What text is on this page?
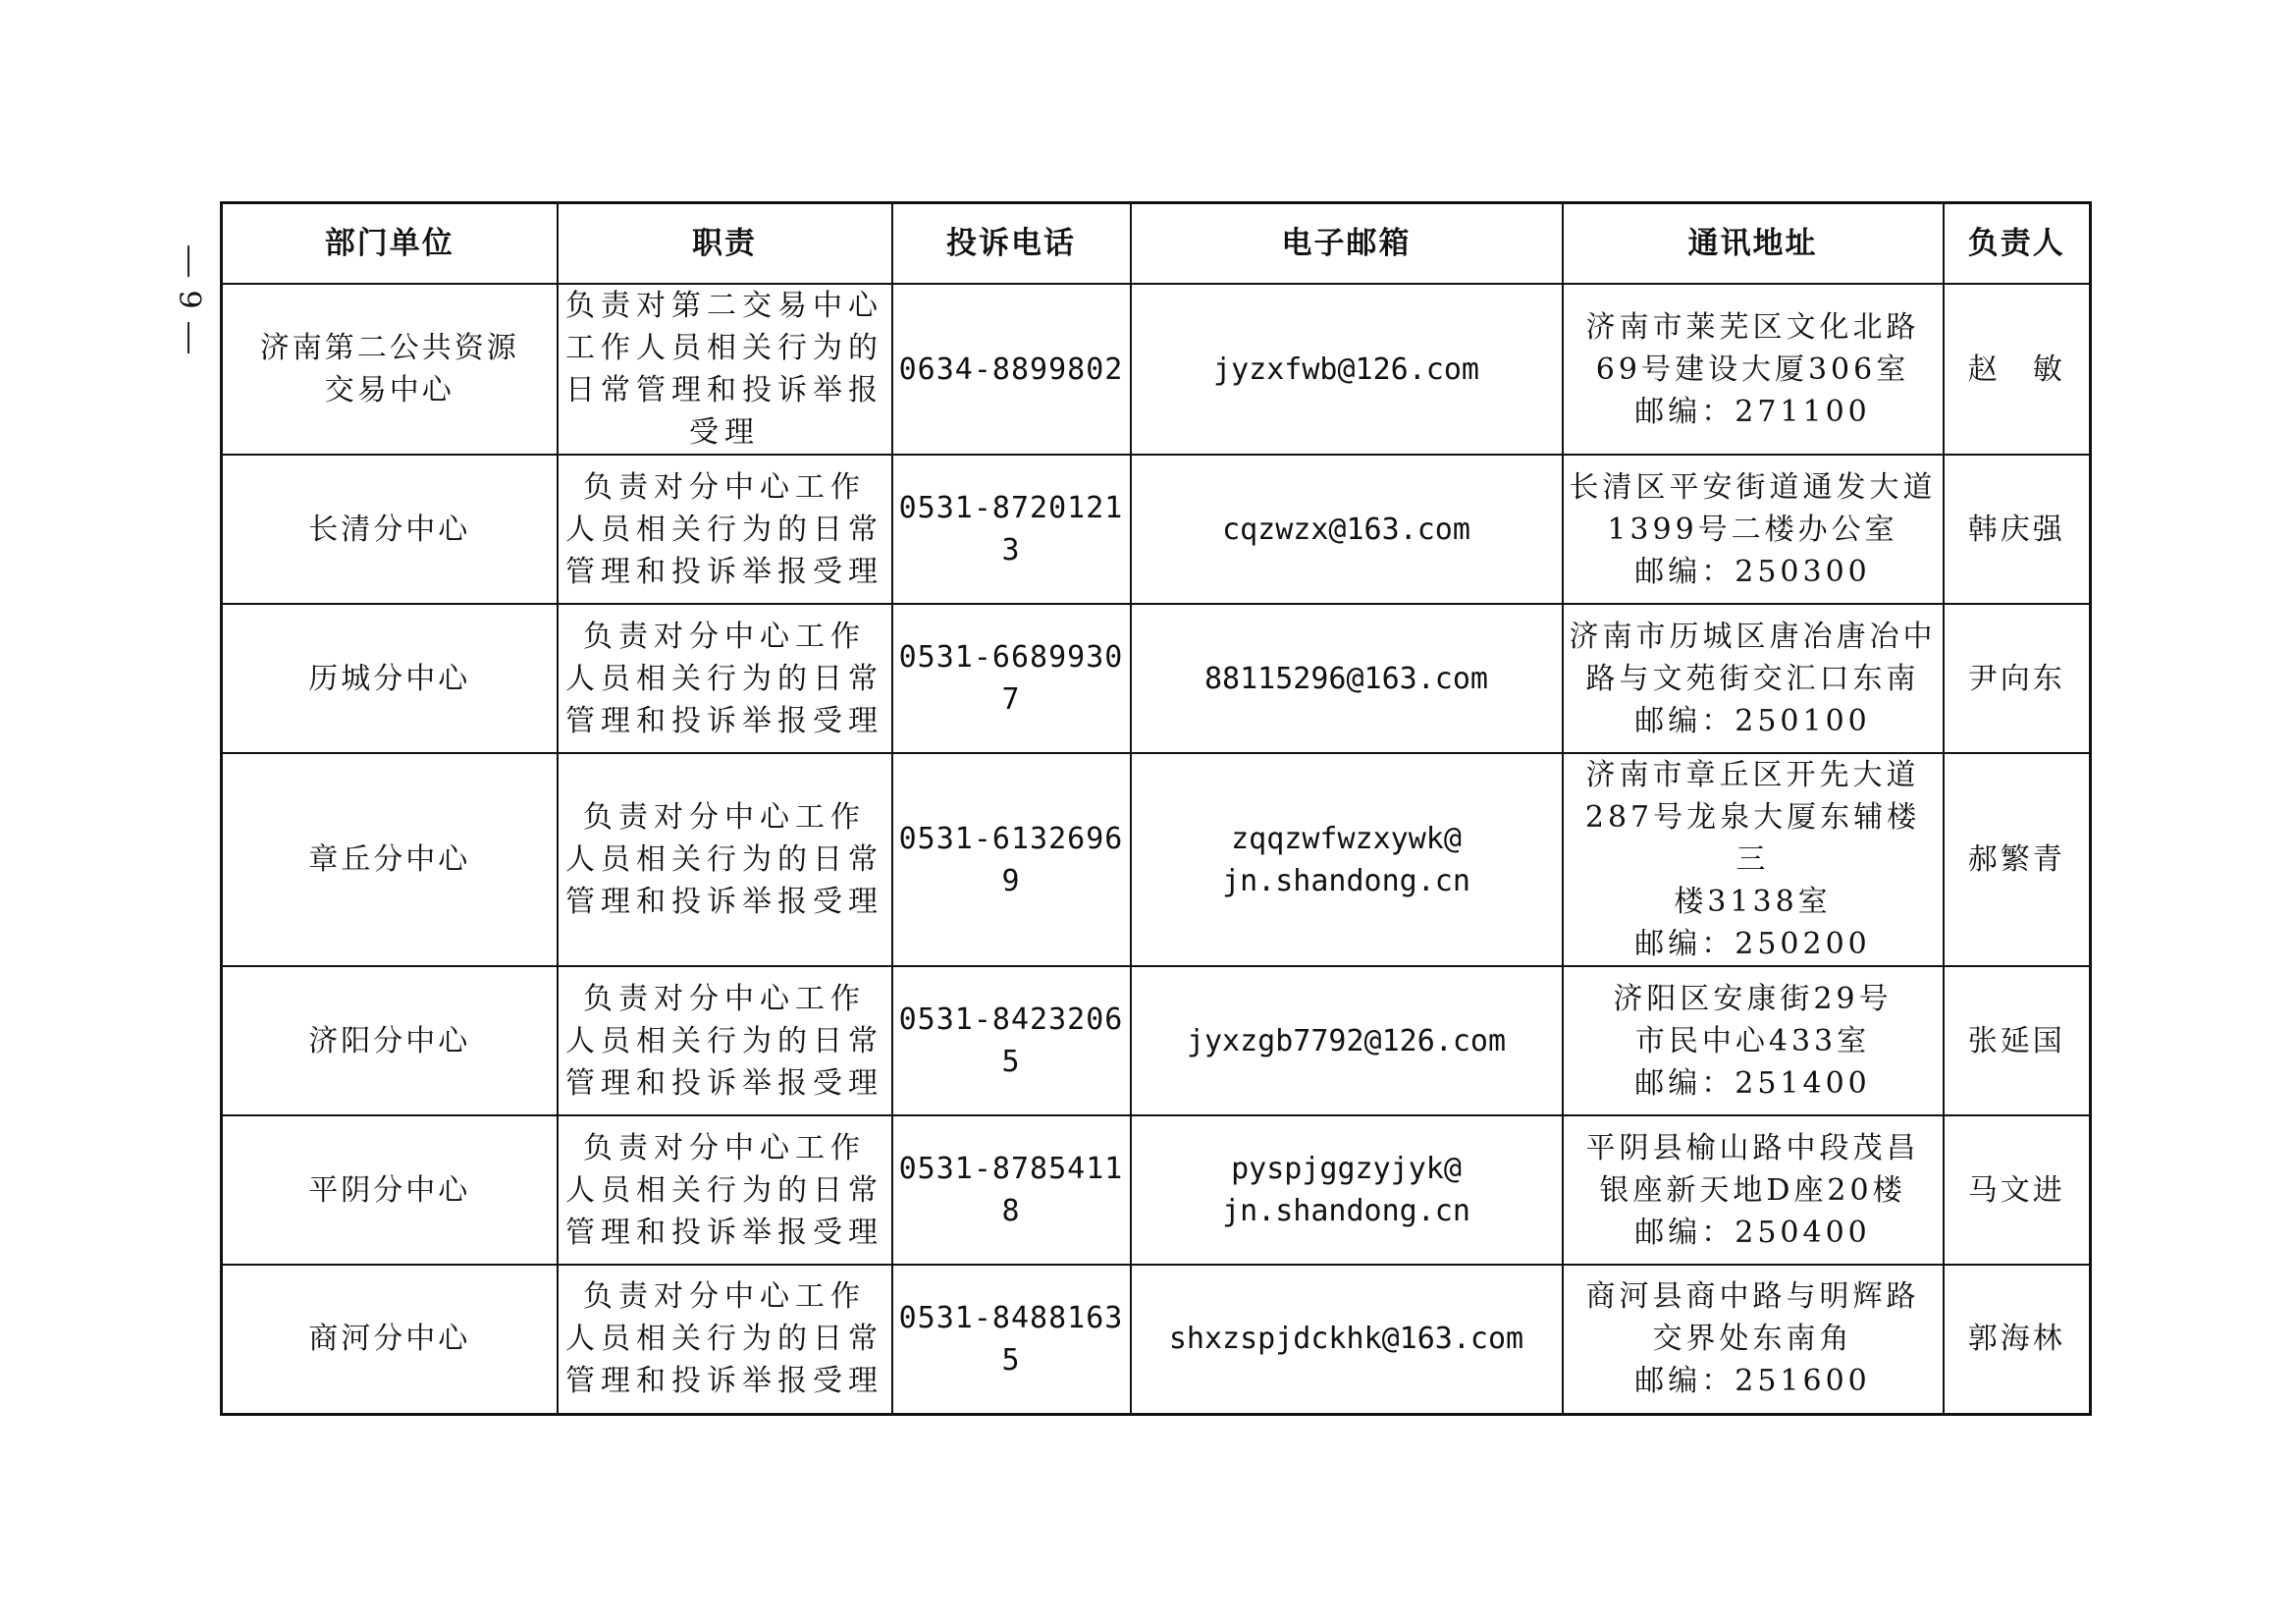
9
部门单位	职责	投诉电话	电子邮箱	通讯地址	负责人

济南第二公共资源
交易中心	负责对第二交易中心
工作人员相关行为的
日常管理和投诉举报
受理	0634-8899802	jyzxfwb@126.com	济南市莱芜区文化北路
69号建设大厦306室
邮编：271100	赵　敏

长清分中心	负责对分中心工作
人员相关行为的日常
管理和投诉举报受理	0531-87201213	cqzwzx@163.com	长清区平安街道通发大道
1399号二楼办公室
邮编：250300	韩庆强

历城分中心	负责对分中心工作
人员相关行为的日常
管理和投诉举报受理	0531-66899307	88115296@163.com	济南市历城区唐冶唐冶中
路与文苑街交汇口东南
邮编：250100	尹向东

章丘分中心	负责对分中心工作
人员相关行为的日常
管理和投诉举报受理	0531-61326969	zqqzwfwzxywk@
jn.shandong.cn	济南市章丘区开先大道
287号龙泉大厦东辅楼三
楼3138室
邮编：250200	郝繁青

济阳分中心	负责对分中心工作
人员相关行为的日常
管理和投诉举报受理	0531-84232065	jyxzgb7792@126.com	济阳区安康街29号
市民中心433室
邮编：251400	张延国

平阴分中心	负责对分中心工作
人员相关行为的日常
管理和投诉举报受理	0531-87854118	pyspjggzyjyk@
jn.shandong.cn	平阴县榆山路中段茂昌
银座新天地D座20楼
邮编：250400	马文进

商河分中心	负责对分中心工作
人员相关行为的日常
管理和投诉举报受理	0531-84881635	shxzspjdckhk@163.com	商河县商中路与明辉路
交界处东南角
邮编：251600	郭海林
